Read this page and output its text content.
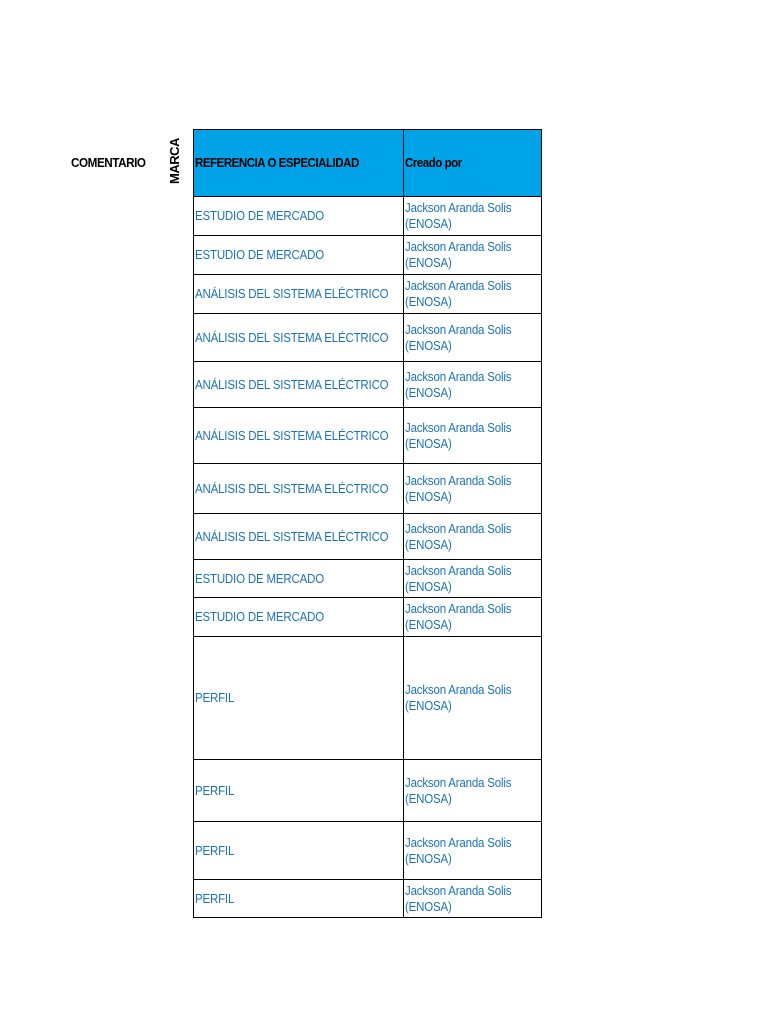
COMENTARIO MARCA REFERENCIA O ESPECIALIDAD	Creado por
ESTUDIO DE MERCADO	Jackson Aranda Solis
(ENOSA)
ESTUDIO DE MERCADO	Jackson Aranda Solis
(ENOSA)
ANÁLISIS DEL SISTEMA ELÉCTRICO	Jackson Aranda Solis
(ENOSA)
ANÁLISIS DEL SISTEMA ELÉCTRICO	Jackson Aranda Solis
(ENOSA)
ANÁLISIS DEL SISTEMA ELÉCTRICO	Jackson Aranda Solis
(ENOSA)
ANÁLISIS DEL SISTEMA ELÉCTRICO	Jackson Aranda Solis
(ENOSA)
ANÁLISIS DEL SISTEMA ELÉCTRICO	Jackson Aranda Solis
(ENOSA)
ANÁLISIS DEL SISTEMA ELÉCTRICO	Jackson Aranda Solis
(ENOSA)
ESTUDIO DE MERCADO	Jackson Aranda Solis
(ENOSA)
ESTUDIO DE MERCADO	Jackson Aranda Solis
(ENOSA)
PERFIL	Jackson Aranda Solis
(ENOSA)
PERFIL	Jackson Aranda Solis
(ENOSA)
PERFIL	Jackson Aranda Solis
(ENOSA)
PERFIL	Jackson Aranda Solis
(ENOSA)
